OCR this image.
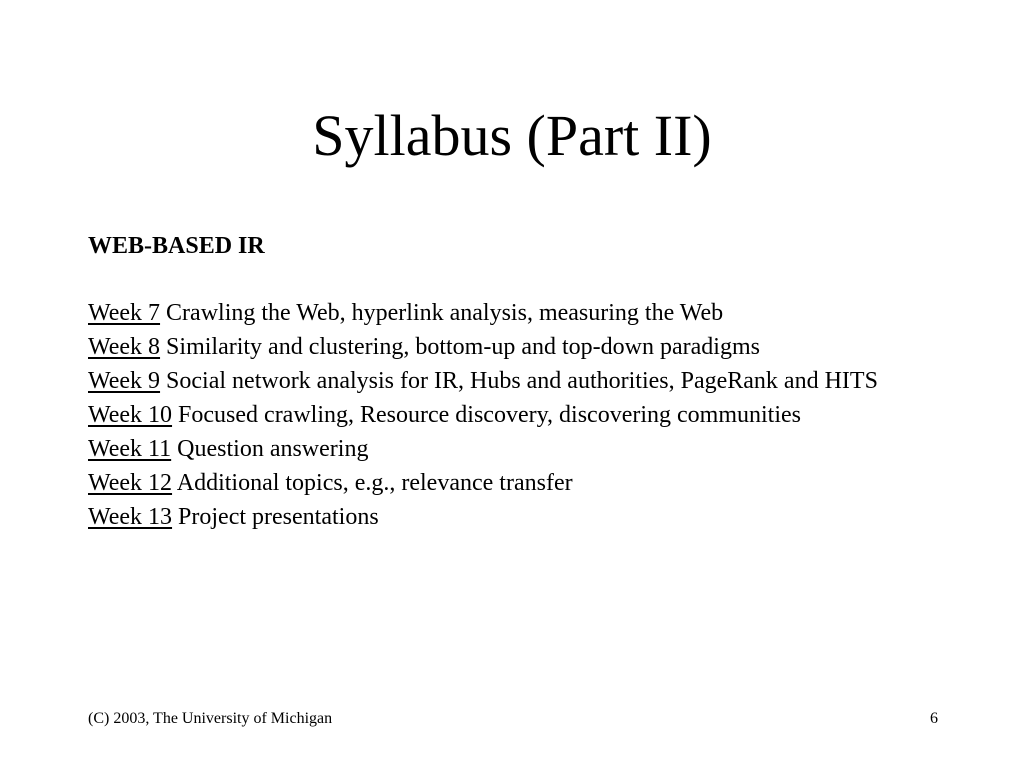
Syllabus (Part II)
WEB-BASED IR
Week 7 Crawling the Web, hyperlink analysis, measuring the Web
Week 8 Similarity and clustering, bottom-up and top-down paradigms
Week 9 Social network analysis for IR, Hubs and authorities, PageRank and HITS
Week 10 Focused crawling, Resource discovery, discovering communities
Week 11 Question answering
Week 12 Additional topics, e.g., relevance transfer
Week 13 Project presentations
(C) 2003, The University of Michigan	6
